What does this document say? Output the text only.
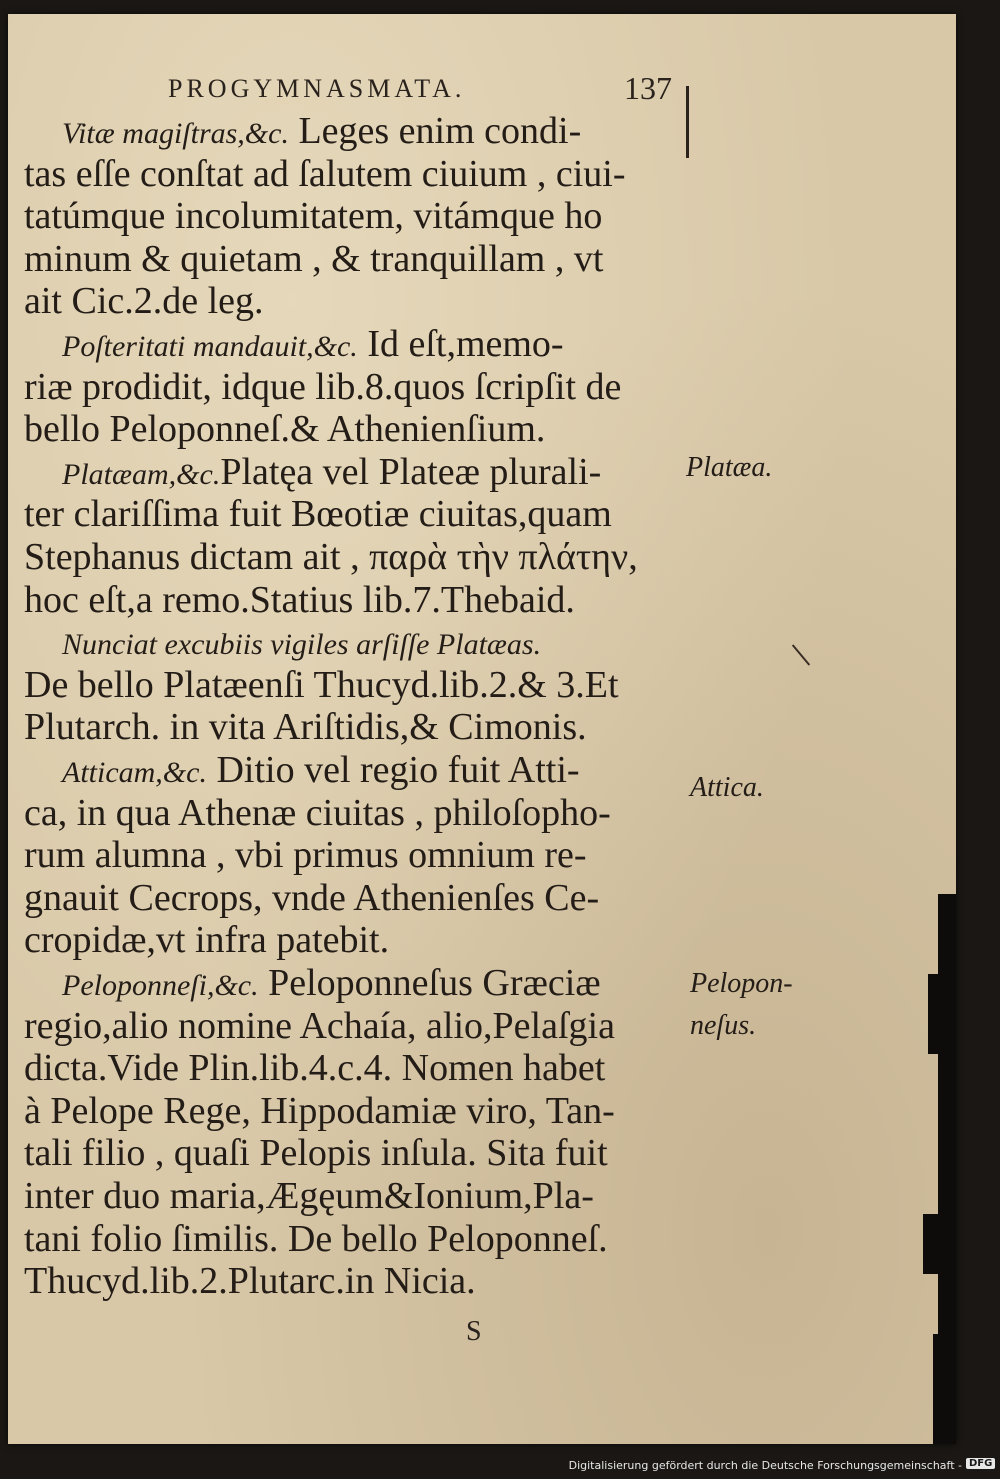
PROGYMNASMATA.	137
Vitæ magiſtras,&c. Leges enim condi-
tas eſſe conſtat ad ſalutem ciuium , ciui-
tatúmque incolumitatem, vitámque ho
minum & quietam , & tranquillam , vt
ait Cic.2.de leg.
Poſteritati mandauit,&c. Id eſt,memo-
riæ prodidit, idque lib.8.quos ſcripſit de
bello Peloponneſ.& Athenienſium.
Platæam,&c.Platęa vel Plateæ plurali-
ter clariſſima fuit Bœotiæ ciuitas,quam
Stephanus dictam ait , παρὰ τὴν πλάτην,
hoc eſt,a remo.Statius lib.7.Thebaid.
Nunciat excubiis vigiles arſiſſe Platæas.
De bello Platæenſi Thucyd.lib.2.& 3.Et
Plutarch. in vita Ariſtidis,& Cimonis.
Atticam,&c. Ditio vel regio fuit Atti-
ca, in qua Athenæ ciuitas , philoſopho-
rum alumna , vbi primus omnium re-
gnauit Cecrops, vnde Athenienſes Ce-
cropidæ,vt infra patebit.
Peloponneſi,&c. Peloponneſus Græciæ
regio,alio nomine Achaía, alio,Pelaſgia
dicta.Vide Plin.lib.4.c.4. Nomen habet
à Pelope Rege, Hippodamiæ viro, Tan-
tali filio , quaſi Pelopis inſula. Sita fuit
inter duo maria,Ægęum&Ionium,Pla-
tani folio ſimilis. De bello Peloponneſ.
Thucyd.lib.2.Plutarc.in Nicia.
Platæa.
Attica.
Pelopon-
neſus.
S
Digitalisierung gefördert durch die Deutsche Forschungsgemeinschaft - DFG
